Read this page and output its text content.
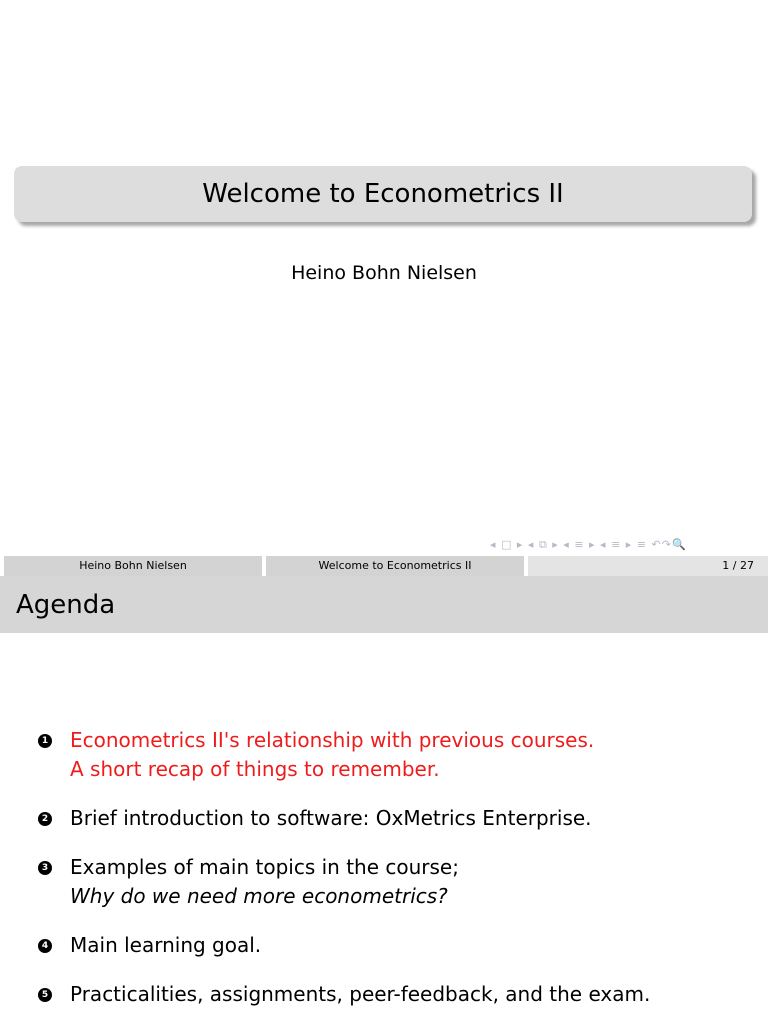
Welcome to Econometrics II
Heino Bohn Nielsen
◂ □ ▸ ◂ ⧉ ▸ ◂ ≡ ▸ ◂ ≡ ▸ ≡ ↶↷🔍
Heino Bohn Nielsen	Welcome to Econometrics II	1 / 27
Agenda
1 Econometrics II's relationship with previous courses.
A short recap of things to remember.
2 Brief introduction to software: OxMetrics Enterprise.
3 Examples of main topics in the course;
Why do we need more econometrics?
4 Main learning goal.
5 Practicalities, assignments, peer-feedback, and the exam.
